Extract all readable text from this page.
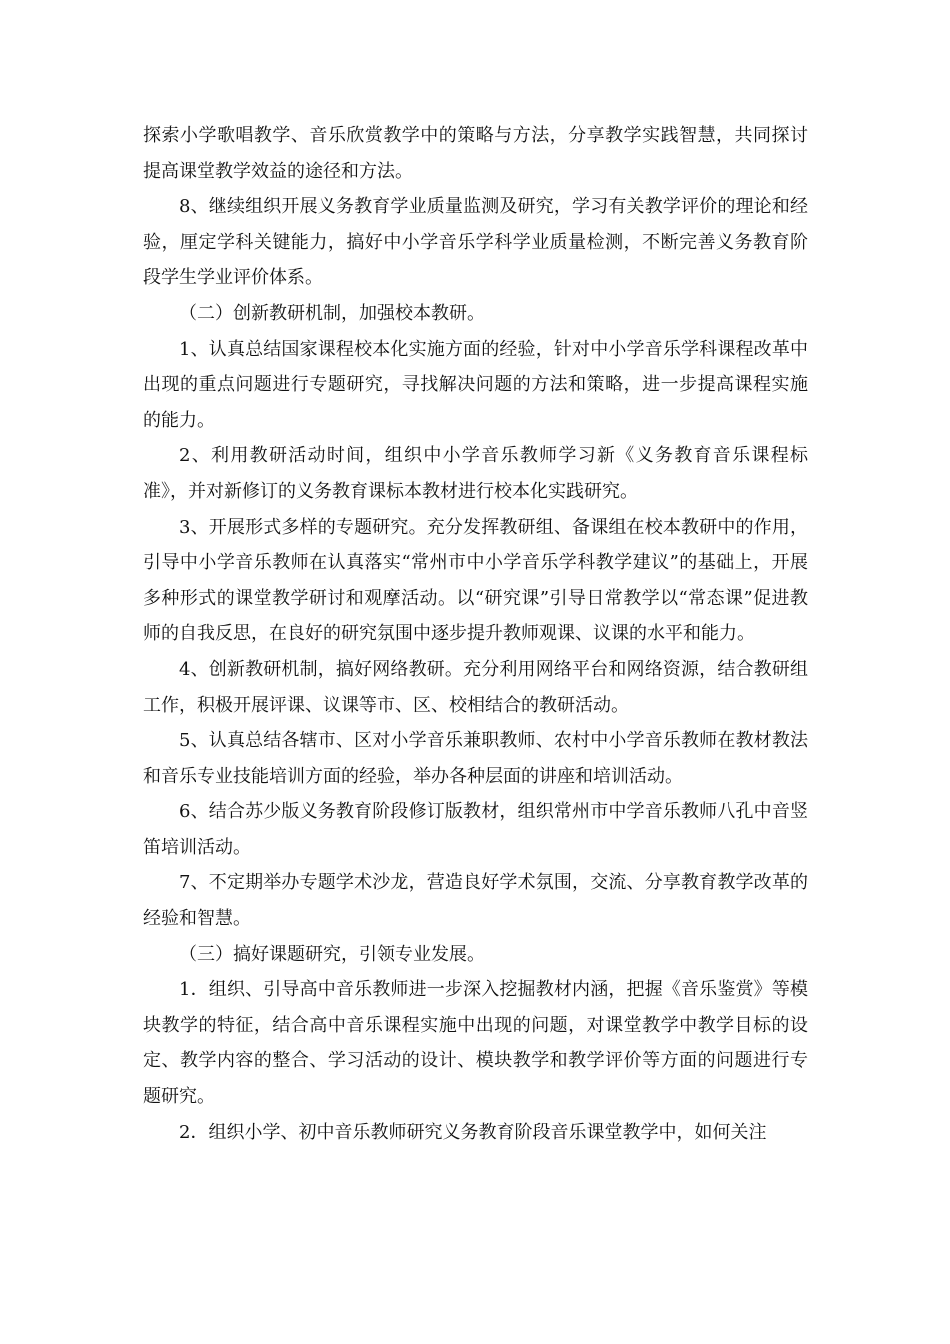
探索小学歌唱教学、音乐欣赏教学中的策略与方法，分享教学实践智慧，共同探讨提高课堂教学效益的途径和方法。

8、继续组织开展义务教育学业质量监测及研究，学习有关教学评价的理论和经验，厘定学科关键能力，搞好中小学音乐学科学业质量检测，不断完善义务教育阶段学生学业评价体系。

（二）创新教研机制，加强校本教研。

1、认真总结国家课程校本化实施方面的经验，针对中小学音乐学科课程改革中出现的重点问题进行专题研究，寻找解决问题的方法和策略，进一步提高课程实施的能力。

2、利用教研活动时间，组织中小学音乐教师学习新《义务教育音乐课程标准》，并对新修订的义务教育课标本教材进行校本化实践研究。

3、开展形式多样的专题研究。充分发挥教研组、备课组在校本教研中的作用，引导中小学音乐教师在认真落实“常州市中小学音乐学科教学建议”的基础上，开展多种形式的课堂教学研讨和观摩活动。以“研究课”引导日常教学以“常态课”促进教师的自我反思，在良好的研究氛围中逐步提升教师观课、议课的水平和能力。

4、创新教研机制，搞好网络教研。充分利用网络平台和网络资源，结合教研组工作，积极开展评课、议课等市、区、校相结合的教研活动。

5、认真总结各辖市、区对小学音乐兼职教师、农村中小学音乐教师在教材教法和音乐专业技能培训方面的经验，举办各种层面的讲座和培训活动。

6、结合苏少版义务教育阶段修订版教材，组织常州市中学音乐教师八孔中音竖笛培训活动。

7、不定期举办专题学术沙龙，营造良好学术氛围，交流、分享教育教学改革的经验和智慧。

（三）搞好课题研究，引领专业发展。

1．组织、引导高中音乐教师进一步深入挖掘教材内涵，把握《音乐鉴赏》等模块教学的特征，结合高中音乐课程实施中出现的问题，对课堂教学中教学目标的设定、教学内容的整合、学习活动的设计、模块教学和教学评价等方面的问题进行专题研究。

2．组织小学、初中音乐教师研究义务教育阶段音乐课堂教学中，如何关注
